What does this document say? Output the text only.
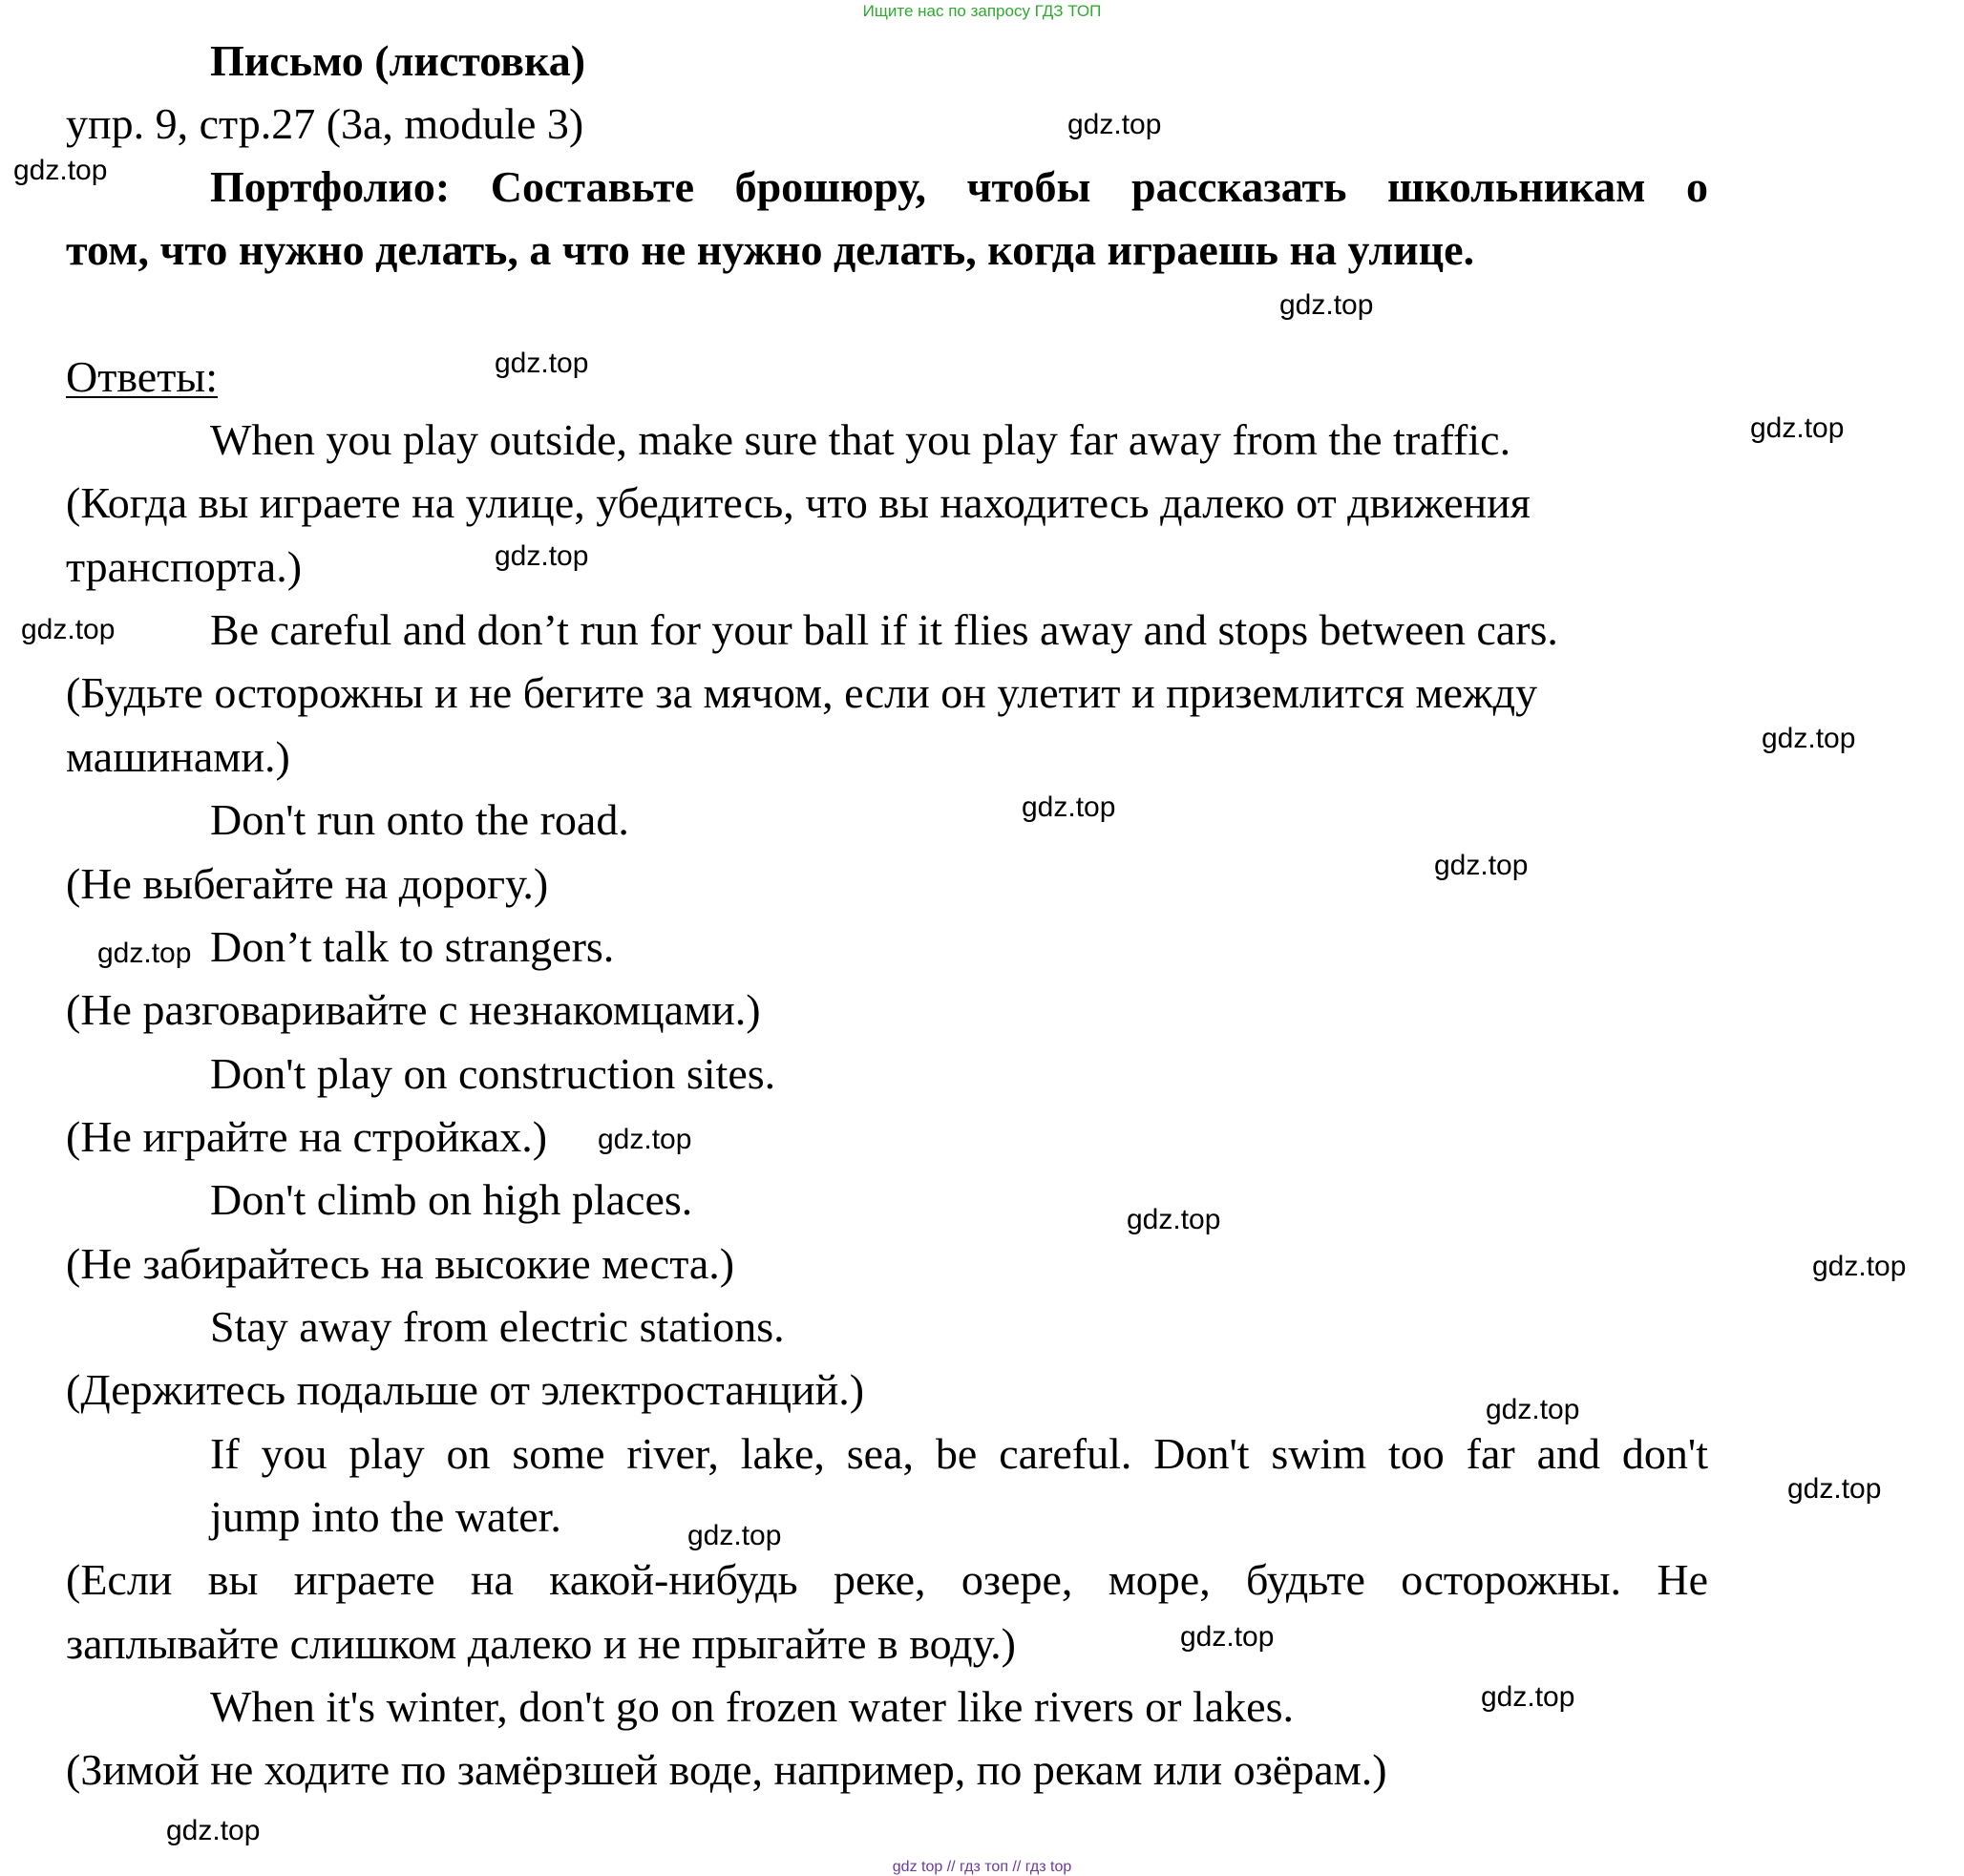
Ищите нас по запросу ГДЗ ТОП
Письмо (листовка)
упр. 9, стр.27 (3a, module 3)
Портфолио: Составьте брошюру, чтобы рассказать школьникам о
том, что нужно делать, а что не нужно делать, когда играешь на улице.
Ответы:
When you play outside, make sure that you play far away from the traffic.
(Когда вы играете на улице, убедитесь, что вы находитесь далеко от движения
транспорта.)
Be careful and don’t run for your ball if it flies away and stops between cars.
(Будьте осторожны и не бегите за мячом, если он улетит и приземлится между
машинами.)
Don't run onto the road.
(Не выбегайте на дорогу.)
Don’t talk to strangers.
(Не разговаривайте с незнакомцами.)
Don't play on construction sites.
(Не играйте на стройках.)
Don't climb on high places.
(Не забирайтесь на высокие места.)
Stay away from electric stations.
(Держитесь подальше от электростанций.)
If you play on some river, lake, sea, be careful. Don't swim too far and don't
jump into the water.
(Если вы играете на какой-нибудь реке, озере, море, будьте осторожны. Не
заплывайте слишком далеко и не прыгайте в воду.)
When it's winter, don't go on frozen water like rivers or lakes.
(Зимой не ходите по замёрзшей воде, например, по рекам или озёрам.)
gdz.top
gdz.top
gdz.top
gdz.top
gdz.top
gdz.top
gdz.top
gdz.top
gdz.top
gdz.top
gdz.top
gdz.top
gdz.top
gdz.top
gdz.top
gdz.top
gdz.top
gdz.top
gdz.top
gdz.top
gdz top // гдз топ // гдз top
